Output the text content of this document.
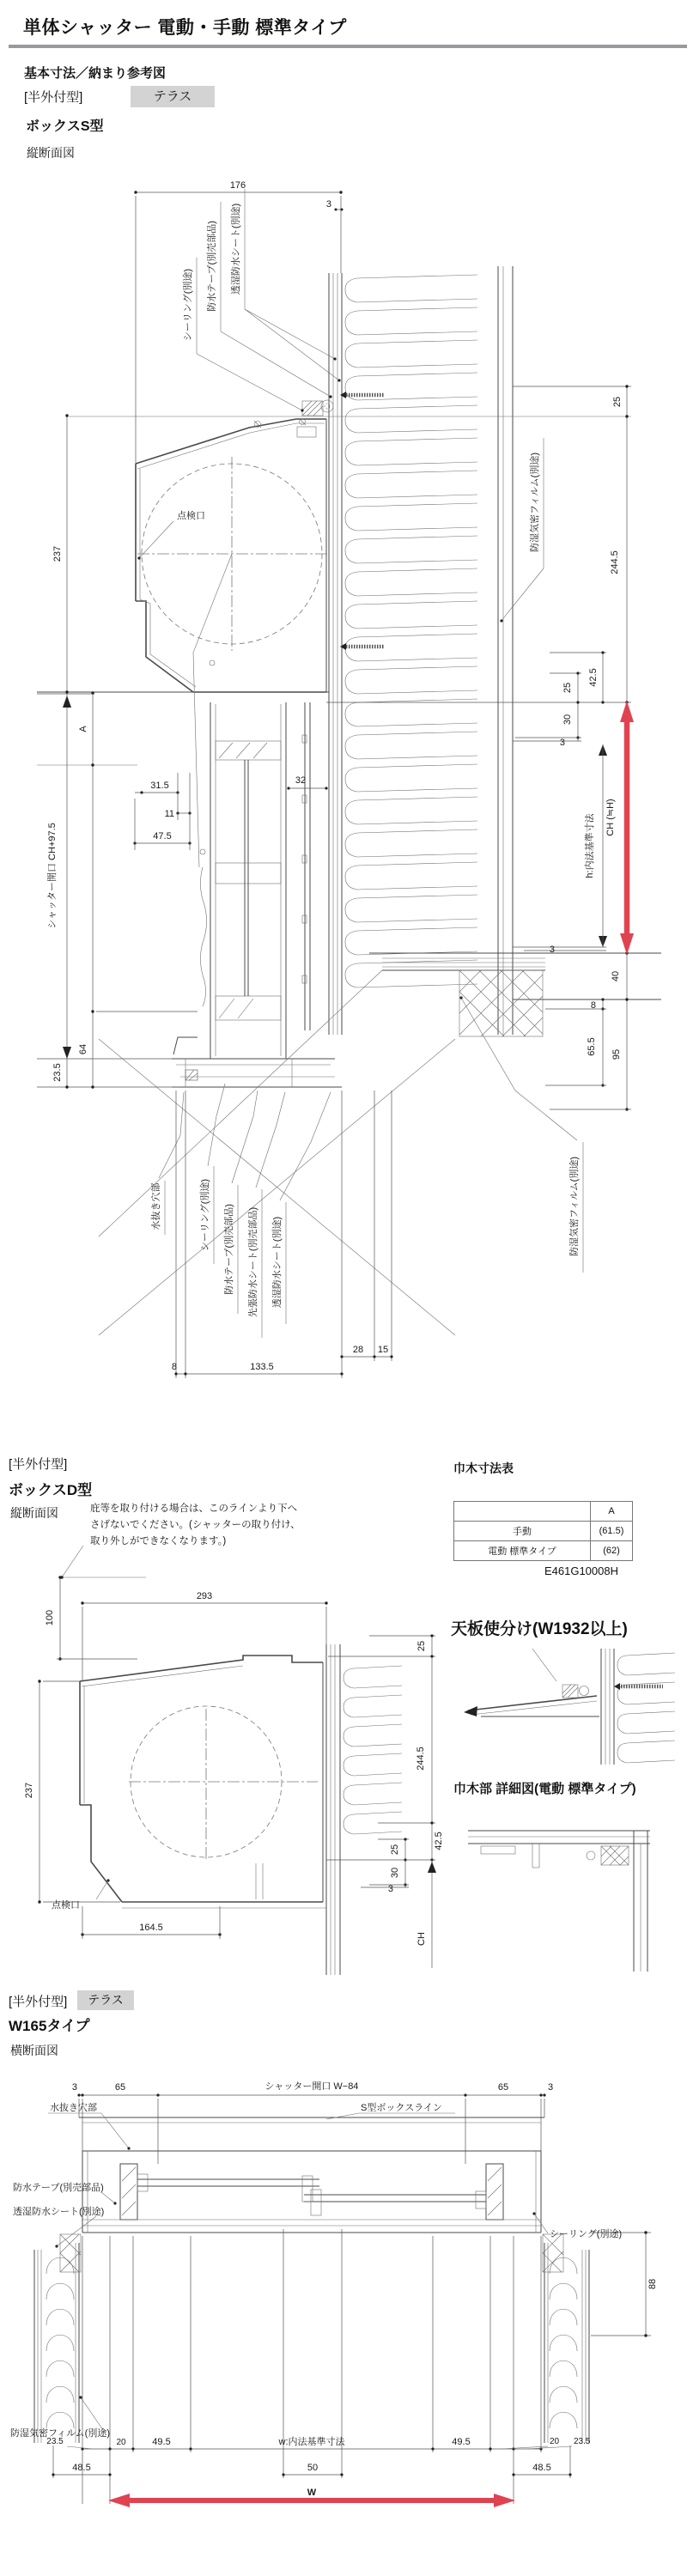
単体シャッター 電動・手動 標準タイプ
基本寸法／納まり参考図
[半外付型]	テラス
ボックスS型
縦断面図
点検口
176
3
237
シャッター開口 CH+97.5
A
64
23.5
31.5
11
47.5
32
25
244.5
42.5
25
30
3
h:内法基準寸法
3
40
8
65.5 95
CH (≒H)
シーリング(別途) 防水テープ(別売部品) 透湿防水シート(別途)
防湿気密フィルム(別途)
水抜き穴部	シーリング(別途) 防水テープ(別売部品) 先張防水シート(別売部品) 透湿防水シート(別途)
防湿気密フィルム(別途)
28 15
8	133.5
[半外付型]
ボックスD型
縦断面図	庇等を取り付ける場合は、このラインより下へ
さげないでください。(シャッターの取り付け、
取り外しができなくなります。)
巾木寸法表
	A
手動	(61.5)
電動 標準タイプ	(62)
E461G10008H
天板使分け(W1932以上)
巾木部 詳細図(電動 標準タイプ)
100
293
237
164.5
点検口
25
244.5
42.5
25
30
3
CH
[半外付型]	テラス
W165タイプ
横断面図
3	65	シャッター開口 W−84	65	3
S型ボックスライン
水抜き穴部
88
防水テープ(別売部品)
透湿防水シート(別途)
シーリング(別途)
防湿気密フィルム(別途)
23.5	20	49.5	w:内法基準寸法	49.5	20 23.5
48.5	50	48.5
W
